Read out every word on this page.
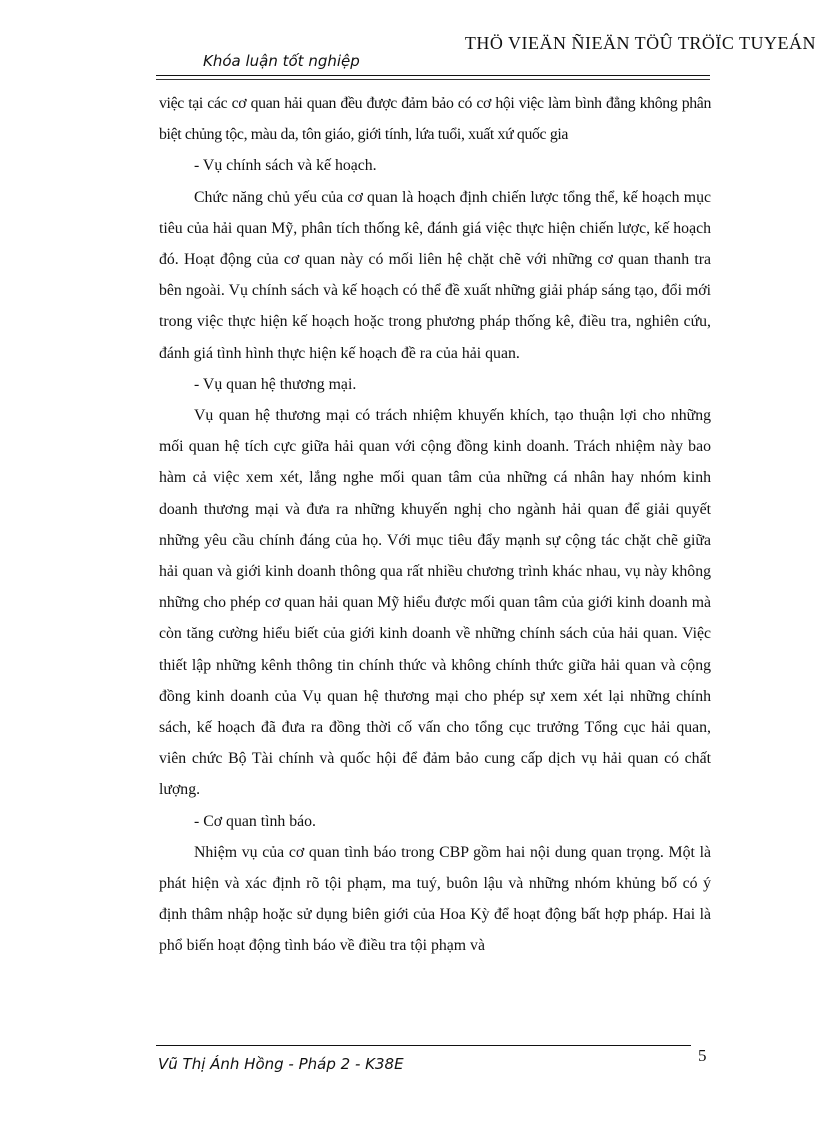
THÖ VIEÄN ÑIEÄN TÖÛ TRÖÏC TUYEÁN
Khóa luận tốt nghiệp

việc tại các cơ quan hải quan đều được đảm bảo có cơ hội việc làm bình đẳng không phân biệt chủng tộc, màu da, tôn giáo, giới tính, lứa tuổi, xuất xứ quốc gia

- Vụ chính sách và kế hoạch.

Chức năng chủ yếu của cơ quan là hoạch định chiến lược tổng thể, kế hoạch mục tiêu của hải quan Mỹ, phân tích thống kê, đánh giá việc thực hiện chiến lược, kế hoạch đó. Hoạt động của cơ quan này có mối liên hệ chặt chẽ với những cơ quan thanh tra bên ngoài. Vụ chính sách và kế hoạch có thể đề xuất những giải pháp sáng tạo, đổi mới trong việc thực hiện kế hoạch hoặc trong phương pháp thống kê, điều tra, nghiên cứu, đánh giá tình hình thực hiện kế hoạch đề ra của hải quan.

- Vụ quan hệ thương mại.

Vụ quan hệ thương mại có trách nhiệm khuyến khích, tạo thuận lợi cho những mối quan hệ tích cực giữa hải quan với cộng đồng kinh doanh. Trách nhiệm này bao hàm cả việc xem xét, lắng nghe mối quan tâm của những cá nhân hay nhóm kinh doanh thương mại và đưa ra những khuyến nghị cho ngành hải quan để giải quyết những yêu cầu chính đáng của họ. Với mục tiêu đẩy mạnh sự cộng tác chặt chẽ giữa hải quan và giới kinh doanh thông qua rất nhiều chương trình khác nhau, vụ này không những cho phép cơ quan hải quan Mỹ hiểu được mối quan tâm của giới kinh doanh mà còn tăng cường hiểu biết của giới kinh doanh về những chính sách của hải quan. Việc thiết lập những kênh thông tin chính thức và không chính thức giữa hải quan và cộng đồng kinh doanh của Vụ quan hệ thương mại cho phép sự xem xét lại những chính sách, kế hoạch đã đưa ra đồng thời cố vấn cho tổng cục trưởng Tổng cục hải quan, viên chức Bộ Tài chính và quốc hội để đảm bảo cung cấp dịch vụ hải quan có chất lượng.

- Cơ quan tình báo.

Nhiệm vụ của cơ quan tình báo trong CBP gồm hai nội dung quan trọng. Một là phát hiện và xác định rõ tội phạm, ma tuý, buôn lậu và những nhóm khủng bố có ý định thâm nhập hoặc sử dụng biên giới của Hoa Kỳ để hoạt động bất hợp pháp. Hai là phổ biến hoạt động tình báo về điều tra tội phạm và

Vũ Thị Ánh Hồng - Pháp 2 - K38E	5
